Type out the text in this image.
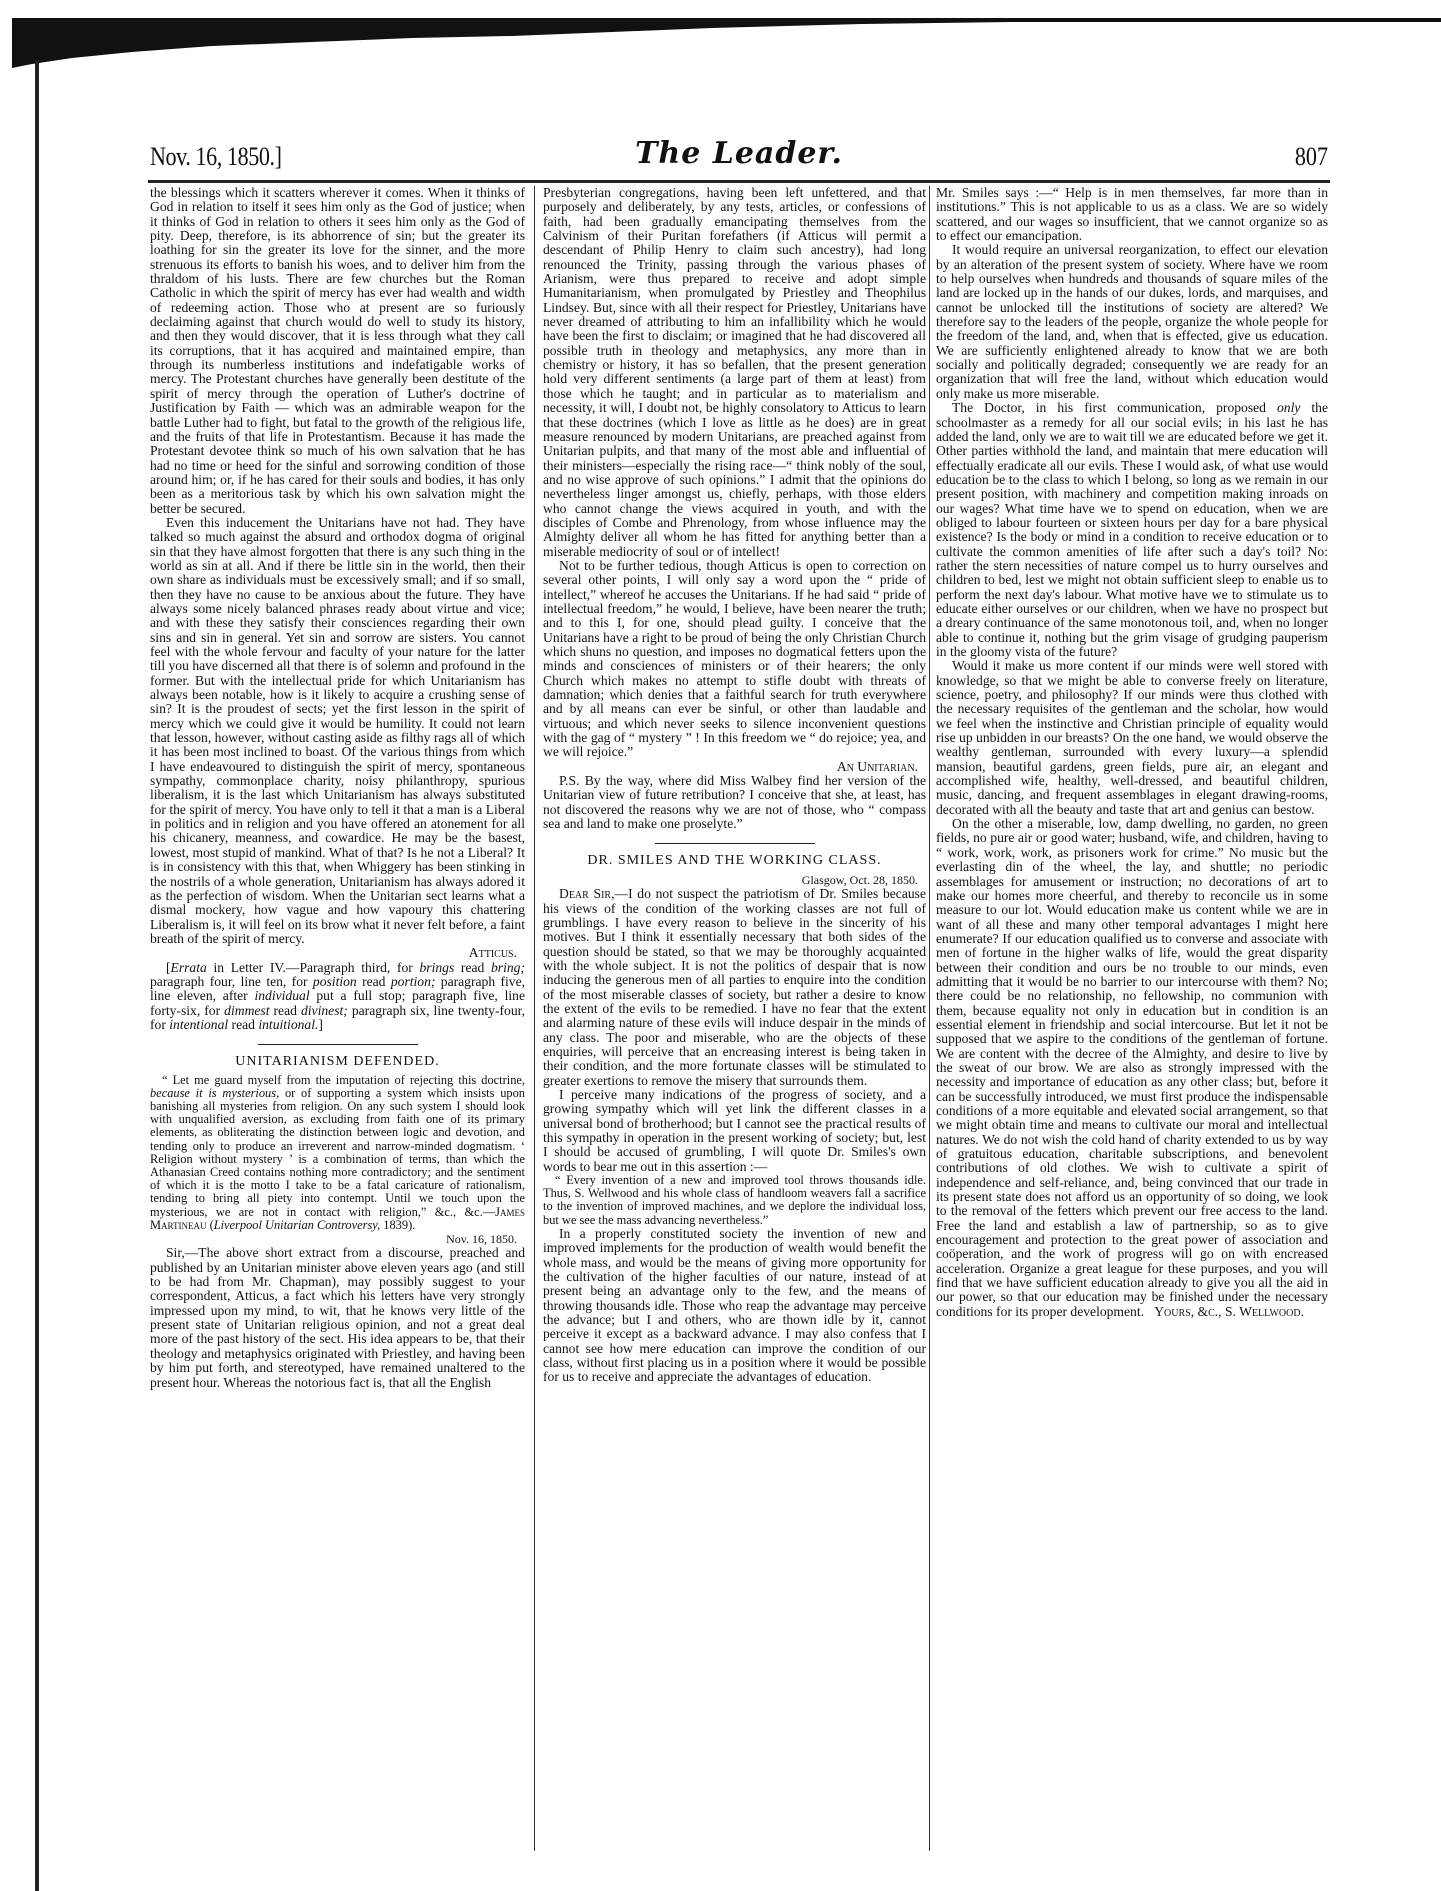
Nov. 16, 1850.]	The Leader.	807

the blessings which it scatters wherever it comes. When it thinks of God in relation to itself it sees him only as the God of justice; when it thinks of God in relation to others it sees him only as the God of pity. Deep, therefore, is its abhorrence of sin; but the greater its loathing for sin the greater its love for the sinner, and the more strenuous its efforts to banish his woes, and to deliver him from the thraldom of his lusts. There are few churches but the Roman Catholic in which the spirit of mercy has ever had wealth and width of redeeming action. Those who at present are so furiously declaiming against that church would do well to study its history, and then they would discover, that it is less through what they call its corruptions, that it has acquired and maintained empire, than through its numberless institutions and indefatigable works of mercy. The Protestant churches have generally been destitute of the spirit of mercy through the operation of Luther's doctrine of Justification by Faith — which was an admirable weapon for the battle Luther had to fight, but fatal to the growth of the religious life, and the fruits of that life in Protestantism. Because it has made the Protestant devotee think so much of his own salvation that he has had no time or heed for the sinful and sorrowing condition of those around him; or, if he has cared for their souls and bodies, it has only been as a meritorious task by which his own salvation might the better be secured.

Even this inducement the Unitarians have not had. They have talked so much against the absurd and orthodox dogma of original sin that they have almost forgotten that there is any such thing in the world as sin at all. And if there be little sin in the world, then their own share as individuals must be excessively small; and if so small, then they have no cause to be anxious about the future. They have always some nicely balanced phrases ready about virtue and vice; and with these they satisfy their consciences regarding their own sins and sin in general. Yet sin and sorrow are sisters. You cannot feel with the whole fervour and faculty of your nature for the latter till you have discerned all that there is of solemn and profound in the former. But with the intellectual pride for which Unitarianism has always been notable, how is it likely to acquire a crushing sense of sin? It is the proudest of sects; yet the first lesson in the spirit of mercy which we could give it would be humility. It could not learn that lesson, however, without casting aside as filthy rags all of which it has been most inclined to boast. Of the various things from which I have endeavoured to distinguish the spirit of mercy, spontaneous sympathy, commonplace charity, noisy philanthropy, spurious liberalism, it is the last which Unitarianism has always substituted for the spirit of mercy. You have only to tell it that a man is a Liberal in politics and in religion and you have offered an atonement for all his chicanery, meanness, and cowardice. He may be the basest, lowest, most stupid of mankind. What of that? Is he not a Liberal? It is in consistency with this that, when Whiggery has been stinking in the nostrils of a whole generation, Unitarianism has always adored it as the perfection of wisdom. When the Unitarian sect learns what a dismal mockery, how vague and how vapoury this chattering Liberalism is, it will feel on its brow what it never felt before, a faint breath of the spirit of mercy.

Atticus.

[Errata in Letter IV.—Paragraph third, for brings read bring; paragraph four, line ten, for position read portion; paragraph five, line eleven, after individual put a full stop; paragraph five, line forty-six, for dimmest read divinest; paragraph six, line twenty-four, for intentional read intuitional.]

UNITARIANISM DEFENDED.

“ Let me guard myself from the imputation of rejecting this doctrine, because it is mysterious, or of supporting a system which insists upon banishing all mysteries from religion. On any such system I should look with unqualified aversion, as excluding from faith one of its primary elements, as obliterating the distinction between logic and devotion, and tending only to produce an irreverent and narrow-minded dogmatism. ‘ Religion without mystery ’ is a combination of terms, than which the Athanasian Creed contains nothing more contradictory; and the sentiment of which it is the motto I take to be a fatal caricature of rationalism, tending to bring all piety into contempt. Until we touch upon the mysterious, we are not in contact with religion,” &c., &c.—James Martineau (Liverpool Unitarian Controversy, 1839).

Nov. 16, 1850.

Sir,—The above short extract from a discourse, preached and published by an Unitarian minister above eleven years ago (and still to be had from Mr. Chapman), may possibly suggest to your correspondent, Atticus, a fact which his letters have very strongly impressed upon my mind, to wit, that he knows very little of the present state of Unitarian religious opinion, and not a great deal more of the past history of the sect. His idea appears to be, that their theology and metaphysics originated with Priestley, and having been by him put forth, and stereotyped, have remained unaltered to the present hour. Whereas the notorious fact is, that all the English

Presbyterian congregations, having been left unfettered, and that purposely and deliberately, by any tests, articles, or confessions of faith, had been gradually emancipating themselves from the Calvinism of their Puritan forefathers (if Atticus will permit a descendant of Philip Henry to claim such ancestry), had long renounced the Trinity, passing through the various phases of Arianism, were thus prepared to receive and adopt simple Humanitarianism, when promulgated by Priestley and Theophilus Lindsey. But, since with all their respect for Priestley, Unitarians have never dreamed of attributing to him an infallibility which he would have been the first to disclaim; or imagined that he had discovered all possible truth in theology and metaphysics, any more than in chemistry or history, it has so befallen, that the present generation hold very different sentiments (a large part of them at least) from those which he taught; and in particular as to materialism and necessity, it will, I doubt not, be highly consolatory to Atticus to learn that these doctrines (which I love as little as he does) are in great measure renounced by modern Unitarians, are preached against from Unitarian pulpits, and that many of the most able and influential of their ministers—especially the rising race—“ think nobly of the soul, and no wise approve of such opinions.” I admit that the opinions do nevertheless linger amongst us, chiefly, perhaps, with those elders who cannot change the views acquired in youth, and with the disciples of Combe and Phrenology, from whose influence may the Almighty deliver all whom he has fitted for anything better than a miserable mediocrity of soul or of intellect!

Not to be further tedious, though Atticus is open to correction on several other points, I will only say a word upon the “ pride of intellect,” whereof he accuses the Unitarians. If he had said “ pride of intellectual freedom,” he would, I believe, have been nearer the truth; and to this I, for one, should plead guilty. I conceive that the Unitarians have a right to be proud of being the only Christian Church which shuns no question, and imposes no dogmatical fetters upon the minds and consciences of ministers or of their hearers; the only Church which makes no attempt to stifle doubt with threats of damnation; which denies that a faithful search for truth everywhere and by all means can ever be sinful, or other than laudable and virtuous; and which never seeks to silence inconvenient questions with the gag of “ mystery ” ! In this freedom we “ do rejoice; yea, and we will rejoice.”

An Unitarian.

P.S. By the way, where did Miss Walbey find her version of the Unitarian view of future retribution? I conceive that she, at least, has not discovered the reasons why we are not of those, who “ compass sea and land to make one proselyte.”

DR. SMILES AND THE WORKING CLASS.
Glasgow, Oct. 28, 1850.

Dear Sir,—I do not suspect the patriotism of Dr. Smiles because his views of the condition of the working classes are not full of grumblings. I have every reason to believe in the sincerity of his motives. But I think it essentially necessary that both sides of the question should be stated, so that we may be thoroughly acquainted with the whole subject. It is not the politics of despair that is now inducing the generous men of all parties to enquire into the condition of the most miserable classes of society, but rather a desire to know the extent of the evils to be remedied. I have no fear that the extent and alarming nature of these evils will induce despair in the minds of any class. The poor and miserable, who are the objects of these enquiries, will perceive that an encreasing interest is being taken in their condition, and the more fortunate classes will be stimulated to greater exertions to remove the misery that surrounds them.

I perceive many indications of the progress of society, and a growing sympathy which will yet link the different classes in a universal bond of brotherhood; but I cannot see the practical results of this sympathy in operation in the present working of society; but, lest I should be accused of grumbling, I will quote Dr. Smiles's own words to bear me out in this assertion :—

“ Every invention of a new and improved tool throws thousands idle. Thus, S. Wellwood and his whole class of handloom weavers fall a sacrifice to the invention of improved machines, and we deplore the individual loss, but we see the mass advancing nevertheless.”

In a properly constituted society the invention of new and improved implements for the production of wealth would benefit the whole mass, and would be the means of giving more opportunity for the cultivation of the higher faculties of our nature, instead of at present being an advantage only to the few, and the means of throwing thousands idle. Those who reap the advantage may perceive the advance; but I and others, who are thown idle by it, cannot perceive it except as a backward advance. I may also confess that I cannot see how mere education can improve the condition of our class, without first placing us in a position where it would be possible for us to receive and appreciate the advantages of education.

Mr. Smiles says :—“ Help is in men themselves, far more than in institutions.” This is not applicable to us as a class. We are so widely scattered, and our wages so insufficient, that we cannot organize so as to effect our emancipation.

It would require an universal reorganization, to effect our elevation by an alteration of the present system of society. Where have we room to help ourselves when hundreds and thousands of square miles of the land are locked up in the hands of our dukes, lords, and marquises, and cannot be unlocked till the institutions of society are altered? We therefore say to the leaders of the people, organize the whole people for the freedom of the land, and, when that is effected, give us education. We are sufficiently enlightened already to know that we are both socially and politically degraded; consequently we are ready for an organization that will free the land, without which education would only make us more miserable.

The Doctor, in his first communication, proposed only the schoolmaster as a remedy for all our social evils; in his last he has added the land, only we are to wait till we are educated before we get it. Other parties withhold the land, and maintain that mere education will effectually eradicate all our evils. These I would ask, of what use would education be to the class to which I belong, so long as we remain in our present position, with machinery and competition making inroads on our wages? What time have we to spend on education, when we are obliged to labour fourteen or sixteen hours per day for a bare physical existence? Is the body or mind in a condition to receive education or to cultivate the common amenities of life after such a day's toil? No: rather the stern necessities of nature compel us to hurry ourselves and children to bed, lest we might not obtain sufficient sleep to enable us to perform the next day's labour. What motive have we to stimulate us to educate either ourselves or our children, when we have no prospect but a dreary continuance of the same monotonous toil, and, when no longer able to continue it, nothing but the grim visage of grudging pauperism in the gloomy vista of the future?

Would it make us more content if our minds were well stored with knowledge, so that we might be able to converse freely on literature, science, poetry, and philosophy? If our minds were thus clothed with the necessary requisites of the gentleman and the scholar, how would we feel when the instinctive and Christian principle of equality would rise up unbidden in our breasts? On the one hand, we would observe the wealthy gentleman, surrounded with every luxury—a splendid mansion, beautiful gardens, green fields, pure air, an elegant and accomplished wife, healthy, well-dressed, and beautiful children, music, dancing, and frequent assemblages in elegant drawing-rooms, decorated with all the beauty and taste that art and genius can bestow.

On the other a miserable, low, damp dwelling, no garden, no green fields, no pure air or good water; husband, wife, and children, having to “ work, work, work, as prisoners work for crime.” No music but the everlasting din of the wheel, the lay, and shuttle; no periodic assemblages for amusement or instruction; no decorations of art to make our homes more cheerful, and thereby to reconcile us in some measure to our lot. Would education make us content while we are in want of all these and many other temporal advantages I might here enumerate? If our education qualified us to converse and associate with men of fortune in the higher walks of life, would the great disparity between their condition and ours be no trouble to our minds, even admitting that it would be no barrier to our intercourse with them? No; there could be no relationship, no fellowship, no communion with them, because equality not only in education but in condition is an essential element in friendship and social intercourse. But let it not be supposed that we aspire to the conditions of the gentleman of fortune. We are content with the decree of the Almighty, and desire to live by the sweat of our brow. We are also as strongly impressed with the necessity and importance of education as any other class; but, before it can be successfully introduced, we must first produce the indispensable conditions of a more equitable and elevated social arrangement, so that we might obtain time and means to cultivate our moral and intellectual natures. We do not wish the cold hand of charity extended to us by way of gratuitous education, charitable subscriptions, and benevolent contributions of old clothes. We wish to cultivate a spirit of independence and self-reliance, and, being convinced that our trade in its present state does not afford us an opportunity of so doing, we look to the removal of the fetters which prevent our free access to the land. Free the land and establish a law of partnership, so as to give encouragement and protection to the great power of association and coöperation, and the work of progress will go on with encreased acceleration. Organize a great league for these purposes, and you will find that we have sufficient education already to give you all the aid in our power, so that our education may be finished under the necessary conditions for its proper development. Yours, &c., S. Wellwood.
